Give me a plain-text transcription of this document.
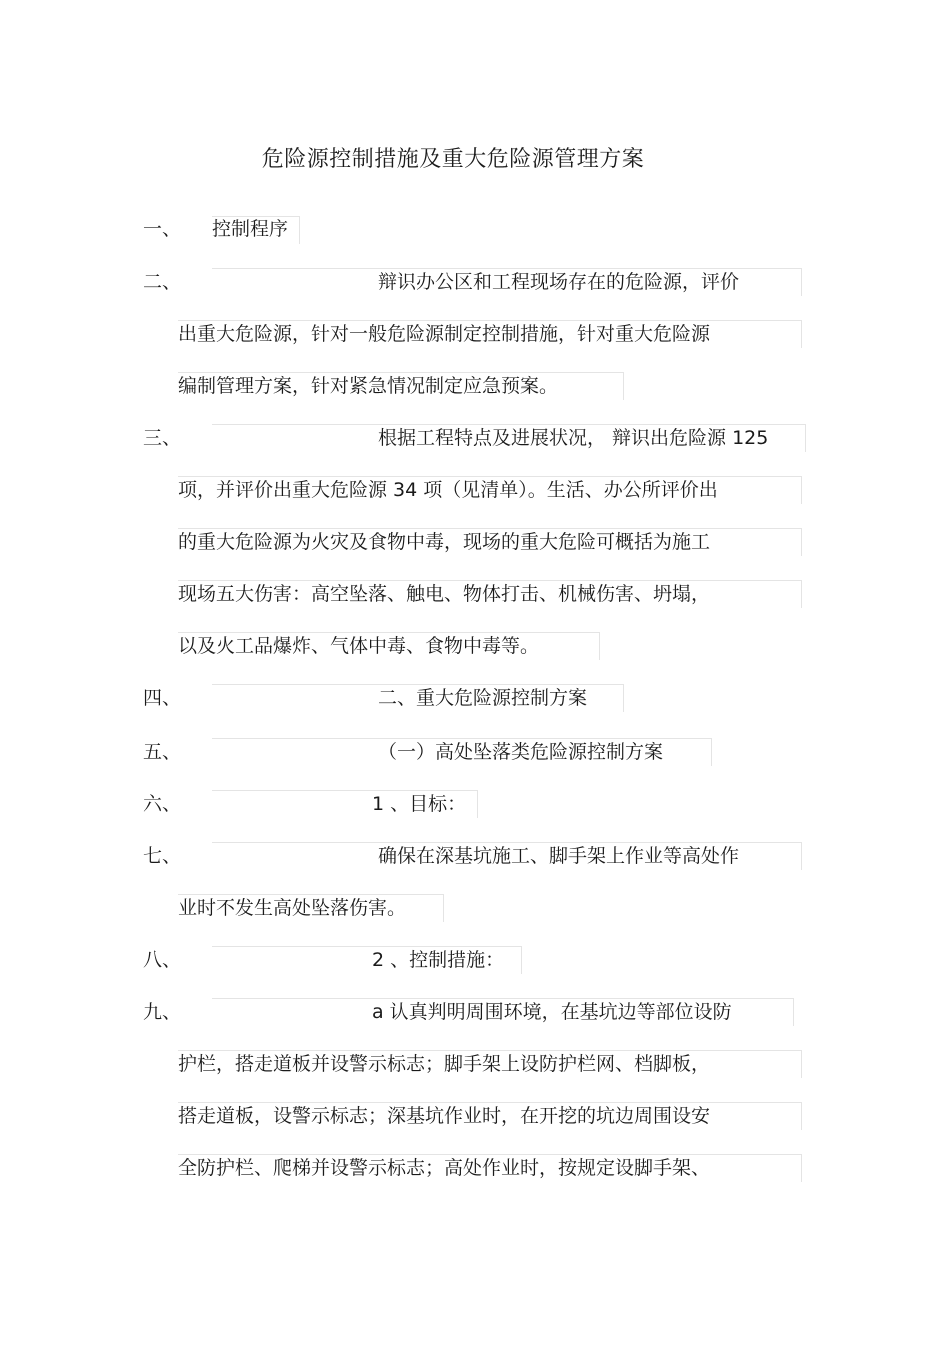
危险源控制措施及重大危险源管理方案
一、 控制程序
二、	辩识办公区和工程现场存在的危险源，评价
出重大危险源，针对一般危险源制定控制措施，针对重大危险源
编制管理方案，针对紧急情况制定应急预案。
三、	根据工程特点及进展状况， 辩识出危险源 125
项，并评价出重大危险源 34 项（见清单）。生活、办公所评价出
的重大危险源为火灾及食物中毒，现场的重大危险可概括为施工
现场五大伤害：高空坠落、触电、物体打击、机械伤害、坍塌，
以及火工品爆炸、气体中毒、食物中毒等。
四、	二、重大危险源控制方案
五、	（一）高处坠落类危险源控制方案
六、	1 、目标：
七、	确保在深基坑施工、脚手架上作业等高处作
业时不发生高处坠落伤害。
八、	2 、控制措施：
九、	a 认真判明周围环境，在基坑边等部位设防
护栏，搭走道板并设警示标志；脚手架上设防护栏网、档脚板，
搭走道板，设警示标志；深基坑作业时，在开挖的坑边周围设安
全防护栏、爬梯并设警示标志；高处作业时，按规定设脚手架、
